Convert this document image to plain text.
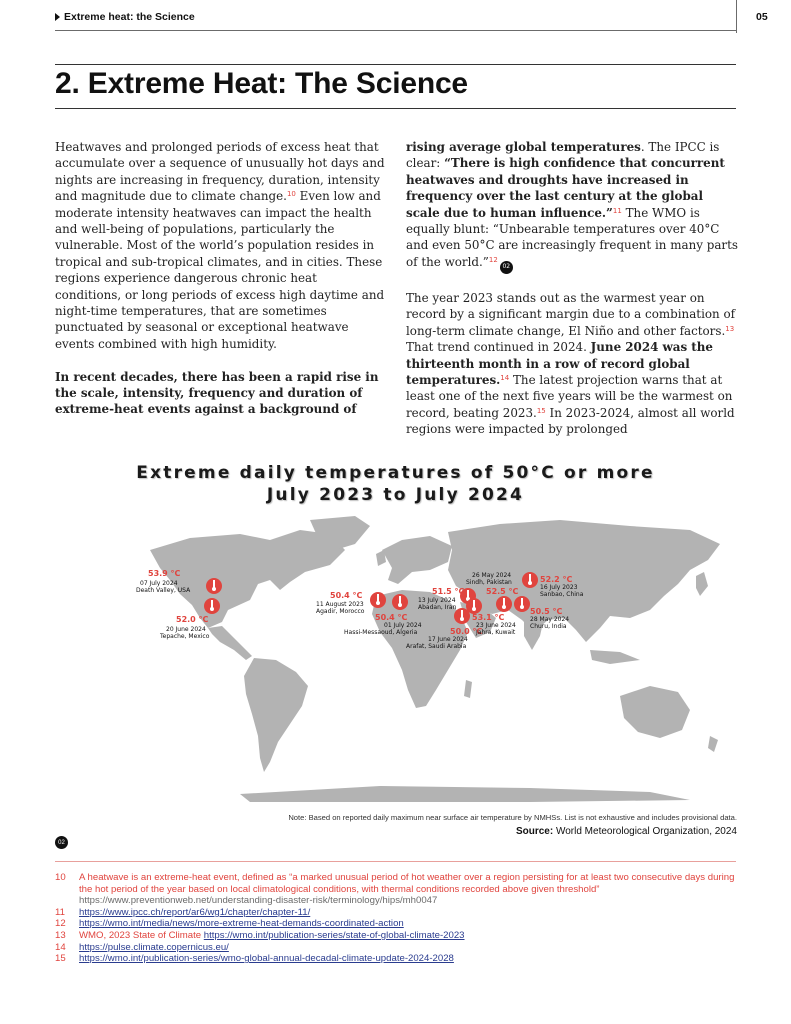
Extreme heat: the Science	05
2. Extreme Heat: The Science

Heatwaves and prolonged periods of excess heat that accumulate over a sequence of unusually hot days and nights are increasing in frequency, duration, intensity and magnitude due to climate change.$^{10}$ Even low and moderate intensity heatwaves can impact the health and well-being of populations, particularly the vulnerable. Most of the world’s population resides in tropical and sub-tropical climates, and in cities. These regions experience dangerous chronic heat conditions, or long periods of excess high daytime and night-time temperatures, that are sometimes punctuated by seasonal or exceptional heatwave events combined with high humidity.

In recent decades, there has been a rapid rise in the scale, intensity, frequency and duration of extreme-heat events against a background of

rising average global temperatures. The IPCC is clear: “There is high confidence that concurrent heatwaves and droughts have increased in frequency over the last century at the global scale due to human influence.”$^{11}$ The WMO is equally blunt: “Unbearable temperatures over 40°C and even 50°C are increasingly frequent in many parts of the world.”$^{12}$02

The year 2023 stands out as the warmest year on record by a significant margin due to a combination of long-term climate change, El Niño and other factors.$^{13}$ That trend continued in 2024. June 2024 was the thirteenth month in a row of record global temperatures.$^{14}$ The latest projection warns that at least one of the next five years will be the warmest on record, beating 2023.15 In 2023-2024, almost all world regions were impacted by prolonged

Extreme daily temperatures of 50°C or more
July 2023 to July 2024
53.9 °C
07 July 2024
Death Valley, USA
52.0 °C
20 June 2024
Tepache, Mexico
50.4 °C
11 August 2023
Agadir, Morocco
50.4 °C
01 July 2024
Hassi-Messaoud, Algeria
51.5 °C
13 July 2024
Abadan, Iran
50.0 °C
17 June 2024
Arafat, Saudi Arabia
53.1 °C
23 June 2024
Jahra, Kuwait
52.5 °C
26 May 2024
Sindh, Pakistan	52.2 °C
16 July 2023
Sanbao, China
50.5 °C
28 May 2024
Churu, India
Note: Based on reported daily maximum near surface air temperature by NMHSs. List is not exhaustive and includes provisional data.
Source: World Meteorological Organization, 2024
02
10	A heatwave is an extreme-heat event, defined as “a marked unusual period of hot weather over a region persisting for at least two consecutive days during the hot period of the year based on local climatological conditions, with thermal conditions recorded above given threshold”
https://www.preventionweb.net/understanding-disaster-risk/terminology/hips/mh0047
11	https://www.ipcc.ch/report/ar6/wg1/chapter/chapter-11/
12	https://wmo.int/media/news/more-extreme-heat-demands-coordinated-action
13	WMO, 2023 State of Climate https://wmo.int/publication-series/state-of-global-climate-2023
14	https://pulse.climate.copernicus.eu/
15	https://wmo.int/publication-series/wmo-global-annual-decadal-climate-update-2024-2028
